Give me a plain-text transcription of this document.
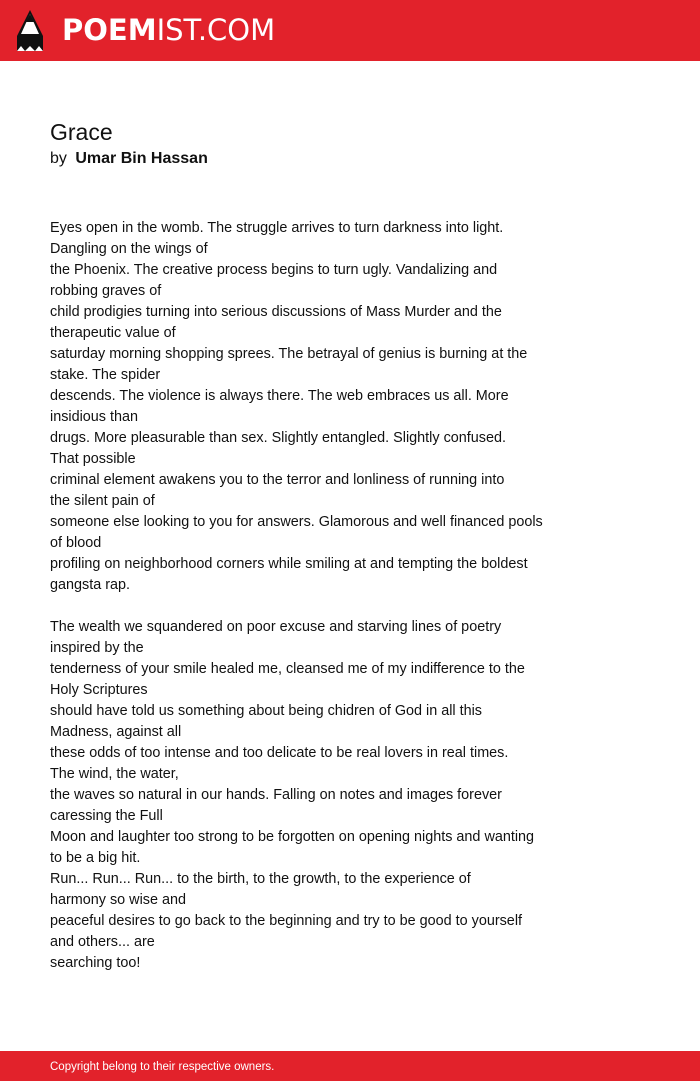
POEMIST.COM
Grace
by Umar Bin Hassan

Eyes open in the womb. The struggle arrives to turn darkness into light.
Dangling on the wings of
the Phoenix. The creative process begins to turn ugly. Vandalizing and
robbing graves of
child prodigies turning into serious discussions of Mass Murder and the
therapeutic value of
saturday morning shopping sprees. The betrayal of genius is burning at the
stake. The spider
descends. The violence is always there. The web embraces us all. More
insidious than
drugs. More pleasurable than sex. Slightly entangled. Slightly confused.
That possible
criminal element awakens you to the terror and lonliness of running into
the silent pain of
someone else looking to you for answers. Glamorous and well financed pools
of blood
profiling on neighborhood corners while smiling at and tempting the boldest
gangsta rap.

The wealth we squandered on poor excuse and starving lines of poetry
inspired by the
tenderness of your smile healed me, cleansed me of my indifference to the
Holy Scriptures
should have told us something about being chidren of God in all this
Madness, against all
these odds of too intense and too delicate to be real lovers in real times.
The wind, the water,
the waves so natural in our hands. Falling on notes and images forever
caressing the Full
Moon and laughter too strong to be forgotten on opening nights and wanting
to be a big hit.
Run... Run... Run... to the birth, to the growth, to the experience of
harmony so wise and
peaceful desires to go back to the beginning and try to be good to yourself
and others... are
searching too!

Copyright belong to their respective owners.
